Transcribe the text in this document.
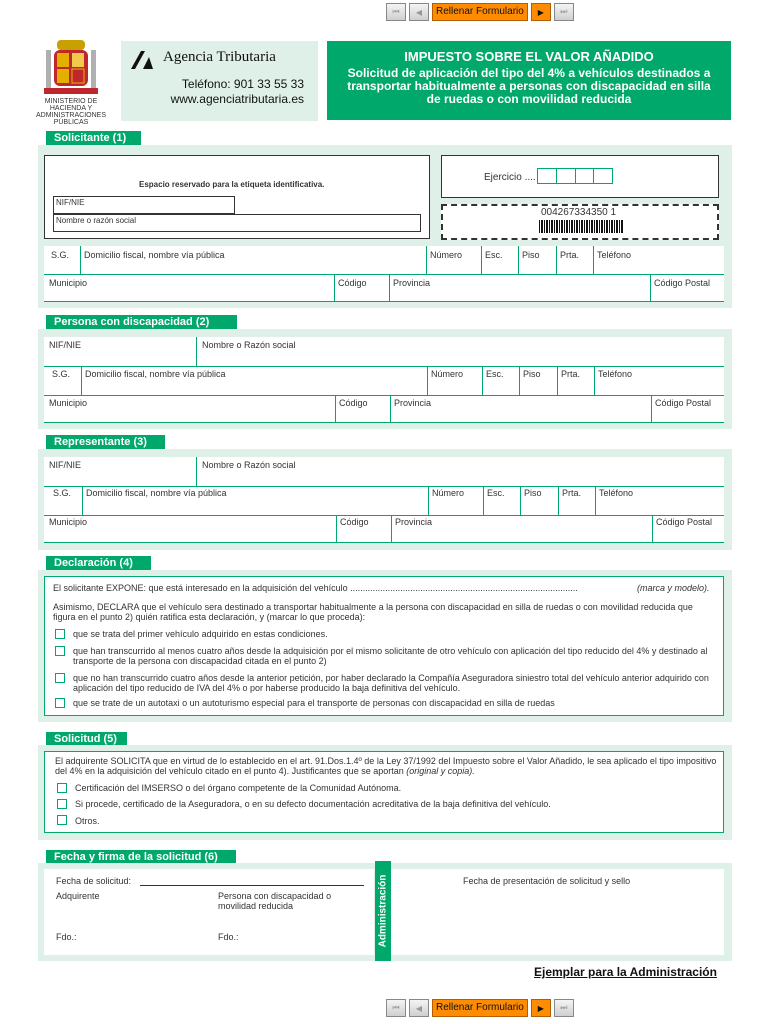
⏮	◀	Rellenar Formulario	▶	⏭
MINISTERIO DE HACIENDA Y ADMINISTRACIONES PÚBLICAS
Agencia Tributaria
Teléfono: 901 33 55 33
www.agenciatributaria.es
IMPUESTO SOBRE EL VALOR AÑADIDO
Solicitud de aplicación del tipo del 4% a vehículos destinados a transportar habitualmente a personas con discapacidad en silla de ruedas o con movilidad reducida
Solicitante (1)
Espacio reservado para la etiqueta identificativa.
NIF/NIE
Nombre o razón social
Ejercicio ....
004267334350 1
S.G. Domicilio fiscal, nombre vía pública	Número	Esc. Piso Prta. Teléfono
Municipio	Código	Provincia	Código Postal
Persona con discapacidad (2)
NIF/NIE	Nombre o Razón social
S.G. Domicilio fiscal, nombre vía pública	Número	Esc. Piso Prta. Teléfono
Municipio	Código	Provincia	Código Postal
Representante (3)
NIF/NIE	Nombre o Razón social
S.G. Domicilio fiscal, nombre vía pública	Número	Esc. Piso Prta. Teléfono
Municipio	Código	Provincia	Código Postal
Declaración (4)
El solicitante EXPONE: que está interesado en la adquisición del vehículo ...........................................................................................	(marca y modelo).
Asimismo, DECLARA que el vehículo sera destinado a transportar habitualmente a la persona con discapacidad en silla de ruedas o con movilidad reducida que figura en el punto 2) quién ratifica esta declaración, y (marcar lo que proceda):
que se trata del primer vehículo adquirido en estas condiciones.
que han transcurrido al menos cuatro años desde la adquisición por el mismo solicitante de otro vehículo con aplicación del tipo reducido del 4% y destinado al transporte de la persona con discapacidad citada en el punto 2)
que no han transcurrido cuatro años desde la anterior petición, por haber declarado la Compañía Aseguradora siniestro total del vehículo anterior adquirido con aplicación del tipo reducido de IVA del 4% o por haberse producido la baja definitiva del vehículo.
que se trate de un autotaxi o un autoturismo especial para el transporte de personas con discapacidad en silla de ruedas
Solicitud (5)
El adquirente SOLICITA que en virtud de lo establecido en el art. 91.Dos.1.4º de la Ley 37/1992 del Impuesto sobre el Valor Añadido, le sea aplicado el tipo impositivo del 4% en la adquisición del vehículo citado en el punto 4). Justificantes que se aportan (original y copia).
Certificación del IMSERSO o del órgano competente de la Comunidad Autónoma.
Si procede, certificado de la Aseguradora, o en su defecto documentación acreditativa de la baja definitiva del vehículo.
Otros.
Fecha y firma de la solicitud (6)
Fecha de solicitud:
Adquirente	Persona con discapacidad o movilidad reducida
Fdo.:	Fdo.:	Administración	Fecha de presentación de solicitud y sello
Ejemplar para la Administración
⏮	◀	Rellenar Formulario	▶	⏭
